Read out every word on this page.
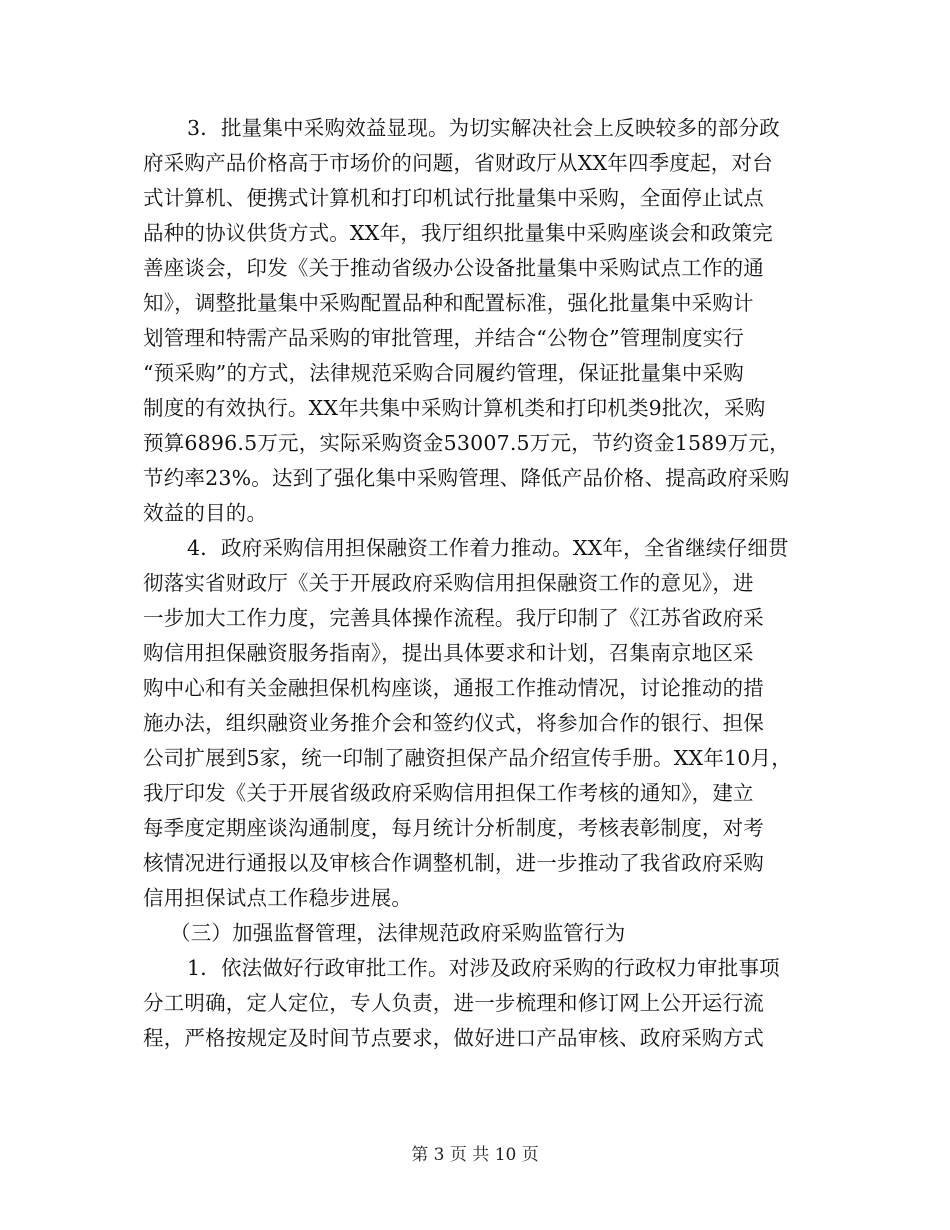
3．批量集中采购效益显现。为切实解决社会上反映较多的部分政
府采购产品价格高于市场价的问题，省财政厅从XX年四季度起，对台
式计算机、便携式计算机和打印机试行批量集中采购，全面停止试点
品种的协议供货方式。XX年，我厅组织批量集中采购座谈会和政策完
善座谈会，印发《关于推动省级办公设备批量集中采购试点工作的通
知》，调整批量集中采购配置品种和配置标准，强化批量集中采购计
划管理和特需产品采购的审批管理，并结合“公物仓”管理制度实行
“预采购”的方式，法律规范采购合同履约管理，保证批量集中采购
制度的有效执行。XX年共集中采购计算机类和打印机类9批次，采购
预算6896.5万元，实际采购资金53007.5万元，节约资金1589万元，
节约率23%。达到了强化集中采购管理、降低产品价格、提高政府采购
效益的目的。
4．政府采购信用担保融资工作着力推动。XX年，全省继续仔细贯
彻落实省财政厅《关于开展政府采购信用担保融资工作的意见》，进
一步加大工作力度，完善具体操作流程。我厅印制了《江苏省政府采
购信用担保融资服务指南》，提出具体要求和计划，召集南京地区采
购中心和有关金融担保机构座谈，通报工作推动情况，讨论推动的措
施办法，组织融资业务推介会和签约仪式，将参加合作的银行、担保
公司扩展到5家，统一印制了融资担保产品介绍宣传手册。XX年10月，
我厅印发《关于开展省级政府采购信用担保工作考核的通知》，建立
每季度定期座谈沟通制度，每月统计分析制度，考核表彰制度，对考
核情况进行通报以及审核合作调整机制，进一步推动了我省政府采购
信用担保试点工作稳步进展。
（三）加强监督管理，法律规范政府采购监管行为
1．依法做好行政审批工作。对涉及政府采购的行政权力审批事项
分工明确，定人定位，专人负责，进一步梳理和修订网上公开运行流
程，严格按规定及时间节点要求，做好进口产品审核、政府采购方式
第 3 页 共 10 页
